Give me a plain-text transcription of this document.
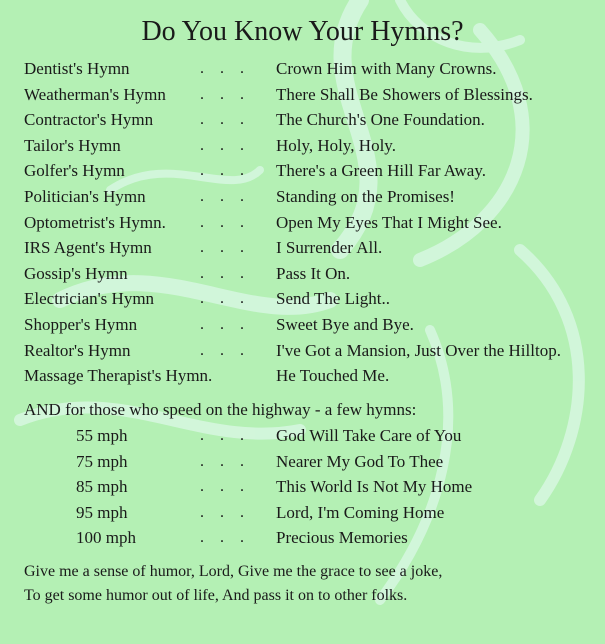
Do You Know Your Hymns?
Dentist's Hymn	. . . Crown Him with Many Crowns.
Weatherman's Hymn . . . There Shall Be Showers of Blessings.
Contractor's Hymn	. . . The Church's One Foundation.
Tailor's Hymn	. . . Holy, Holy, Holy.
Golfer's Hymn	. . . There's a Green Hill Far Away.
Politician's Hymn	. . . Standing on the Promises!
Optometrist's Hymn. . . . Open My Eyes That I Might See.
IRS Agent's Hymn	. . . I Surrender All.
Gossip's Hymn	. . . Pass It On.
Electrician's Hymn	. . . Send The Light..
Shopper's Hymn	. . . Sweet Bye and Bye.
Realtor's Hymn	. . . I've Got a Mansion, Just Over the Hilltop.
Massage Therapist's Hymn.	He Touched Me.
AND for those who speed on the highway - a few hymns:
55 mph	. . . God Will Take Care of You
75 mph	. . . Nearer My God To Thee
85 mph	. . . This World Is Not My Home
95 mph	. . . Lord, I'm Coming Home
100 mph	. . . Precious Memories
Give me a sense of humor, Lord, Give me the grace to see a joke,
To get some humor out of life, And pass it on to other folks.
